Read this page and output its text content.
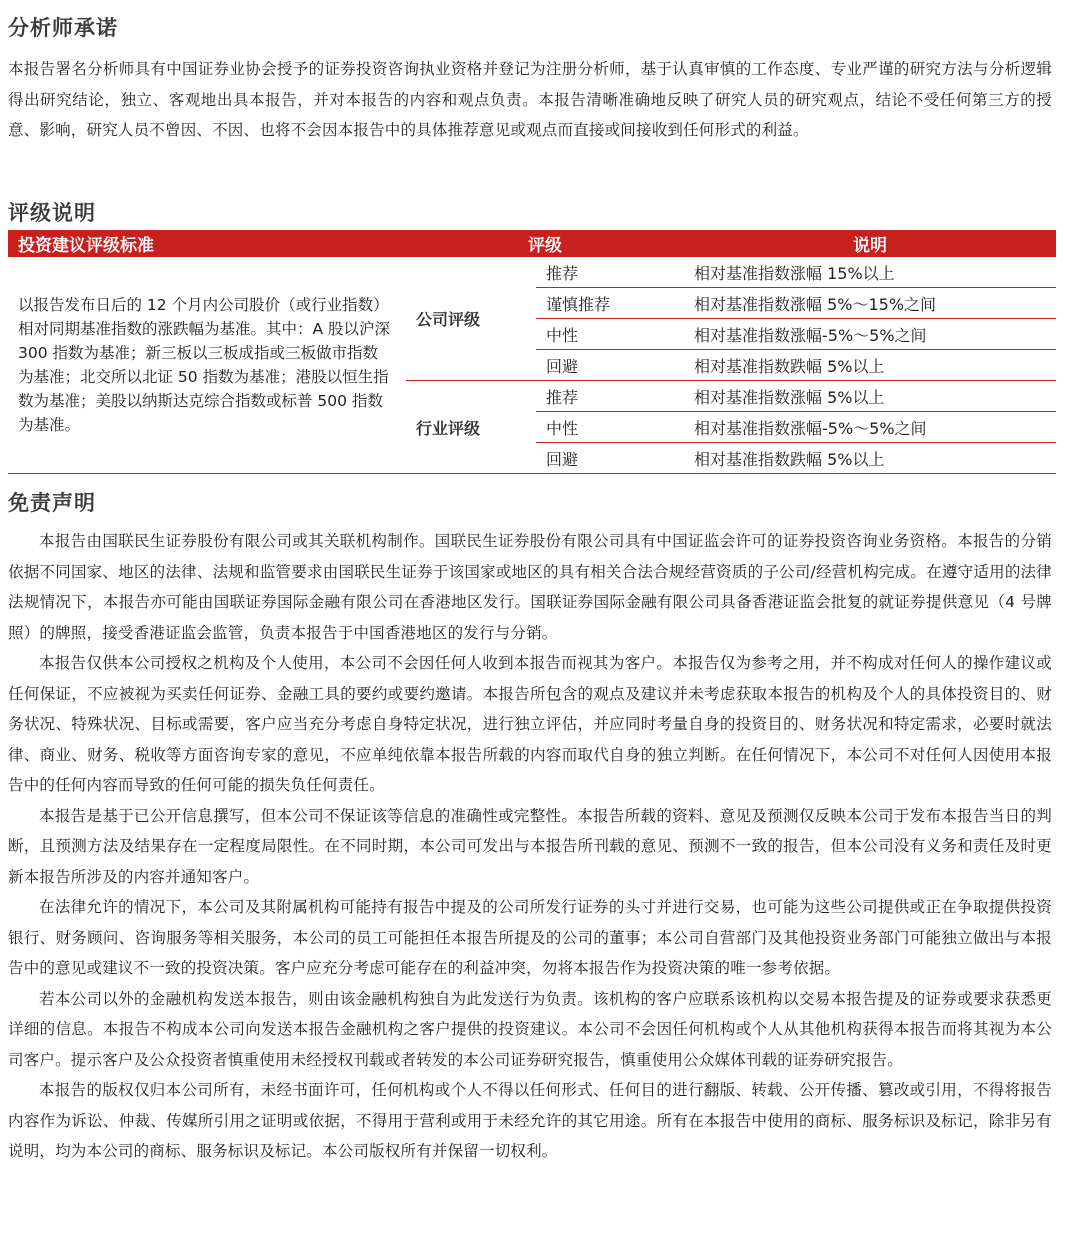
分析师承诺

本报告署名分析师具有中国证券业协会授予的证券投资咨询执业资格并登记为注册分析师，基于认真审慎的工作态度、专业严谨的研究方法与分析逻辑得出研究结论，独立、客观地出具本报告，并对本报告的内容和观点负责。本报告清晰准确地反映了研究人员的研究观点，结论不受任何第三方的授意、影响，研究人员不曾因、不因、也将不会因本报告中的具体推荐意见或观点而直接或间接收到任何形式的利益。

评级说明
投资建议评级标准	评级		说明
以报告发布日后的 12 个月内公司股价（或行业指数）相对同期基准指数的涨跌幅为基准。其中：A 股以沪深 300 指数为基准；新三板以三板成指或三板做市指数为基准；北交所以北证 50 指数为基准；港股以恒生指数为基准；美股以纳斯达克综合指数或标普 500 指数为基准。	公司评级	推荐	相对基准指数涨幅 15%以上
		谨慎推荐	相对基准指数涨幅 5%～15%之间
		中性	相对基准指数涨幅-5%～5%之间
		回避	相对基准指数跌幅 5%以上
	行业评级	推荐	相对基准指数涨幅 5%以上
		中性	相对基准指数涨幅-5%～5%之间
		回避	相对基准指数跌幅 5%以上
免责声明

本报告由国联民生证券股份有限公司或其关联机构制作。国联民生证券股份有限公司具有中国证监会许可的证券投资咨询业务资格。本报告的分销依据不同国家、地区的法律、法规和监管要求由国联民生证券于该国家或地区的具有相关合法合规经营资质的子公司/经营机构完成。在遵守适用的法律法规情况下，本报告亦可能由国联证券国际金融有限公司在香港地区发行。国联证券国际金融有限公司具备香港证监会批复的就证券提供意见（4 号牌照）的牌照，接受香港证监会监管，负责本报告于中国香港地区的发行与分销。

本报告仅供本公司授权之机构及个人使用，本公司不会因任何人收到本报告而视其为客户。本报告仅为参考之用，并不构成对任何人的操作建议或任何保证，不应被视为买卖任何证券、金融工具的要约或要约邀请。本报告所包含的观点及建议并未考虑获取本报告的机构及个人的具体投资目的、财务状况、特殊状况、目标或需要，客户应当充分考虑自身特定状况，进行独立评估，并应同时考量自身的投资目的、财务状况和特定需求，必要时就法律、商业、财务、税收等方面咨询专家的意见，不应单纯依靠本报告所载的内容而取代自身的独立判断。在任何情况下，本公司不对任何人因使用本报告中的任何内容而导致的任何可能的损失负任何责任。

本报告是基于已公开信息撰写，但本公司不保证该等信息的准确性或完整性。本报告所载的资料、意见及预测仅反映本公司于发布本报告当日的判断，且预测方法及结果存在一定程度局限性。在不同时期，本公司可发出与本报告所刊载的意见、预测不一致的报告，但本公司没有义务和责任及时更新本报告所涉及的内容并通知客户。

在法律允许的情况下，本公司及其附属机构可能持有报告中提及的公司所发行证券的头寸并进行交易，也可能为这些公司提供或正在争取提供投资银行、财务顾问、咨询服务等相关服务，本公司的员工可能担任本报告所提及的公司的董事；本公司自营部门及其他投资业务部门可能独立做出与本报告中的意见或建议不一致的投资决策。客户应充分考虑可能存在的利益冲突，勿将本报告作为投资决策的唯一参考依据。

若本公司以外的金融机构发送本报告，则由该金融机构独自为此发送行为负责。该机构的客户应联系该机构以交易本报告提及的证券或要求获悉更详细的信息。本报告不构成本公司向发送本报告金融机构之客户提供的投资建议。本公司不会因任何机构或个人从其他机构获得本报告而将其视为本公司客户。提示客户及公众投资者慎重使用未经授权刊载或者转发的本公司证券研究报告，慎重使用公众媒体刊载的证券研究报告。

本报告的版权仅归本公司所有，未经书面许可，任何机构或个人不得以任何形式、任何目的进行翻版、转载、公开传播、篡改或引用，不得将报告内容作为诉讼、仲裁、传媒所引用之证明或依据，不得用于营利或用于未经允许的其它用途。所有在本报告中使用的商标、服务标识及标记，除非另有说明，均为本公司的商标、服务标识及标记。本公司版权所有并保留一切权利。
